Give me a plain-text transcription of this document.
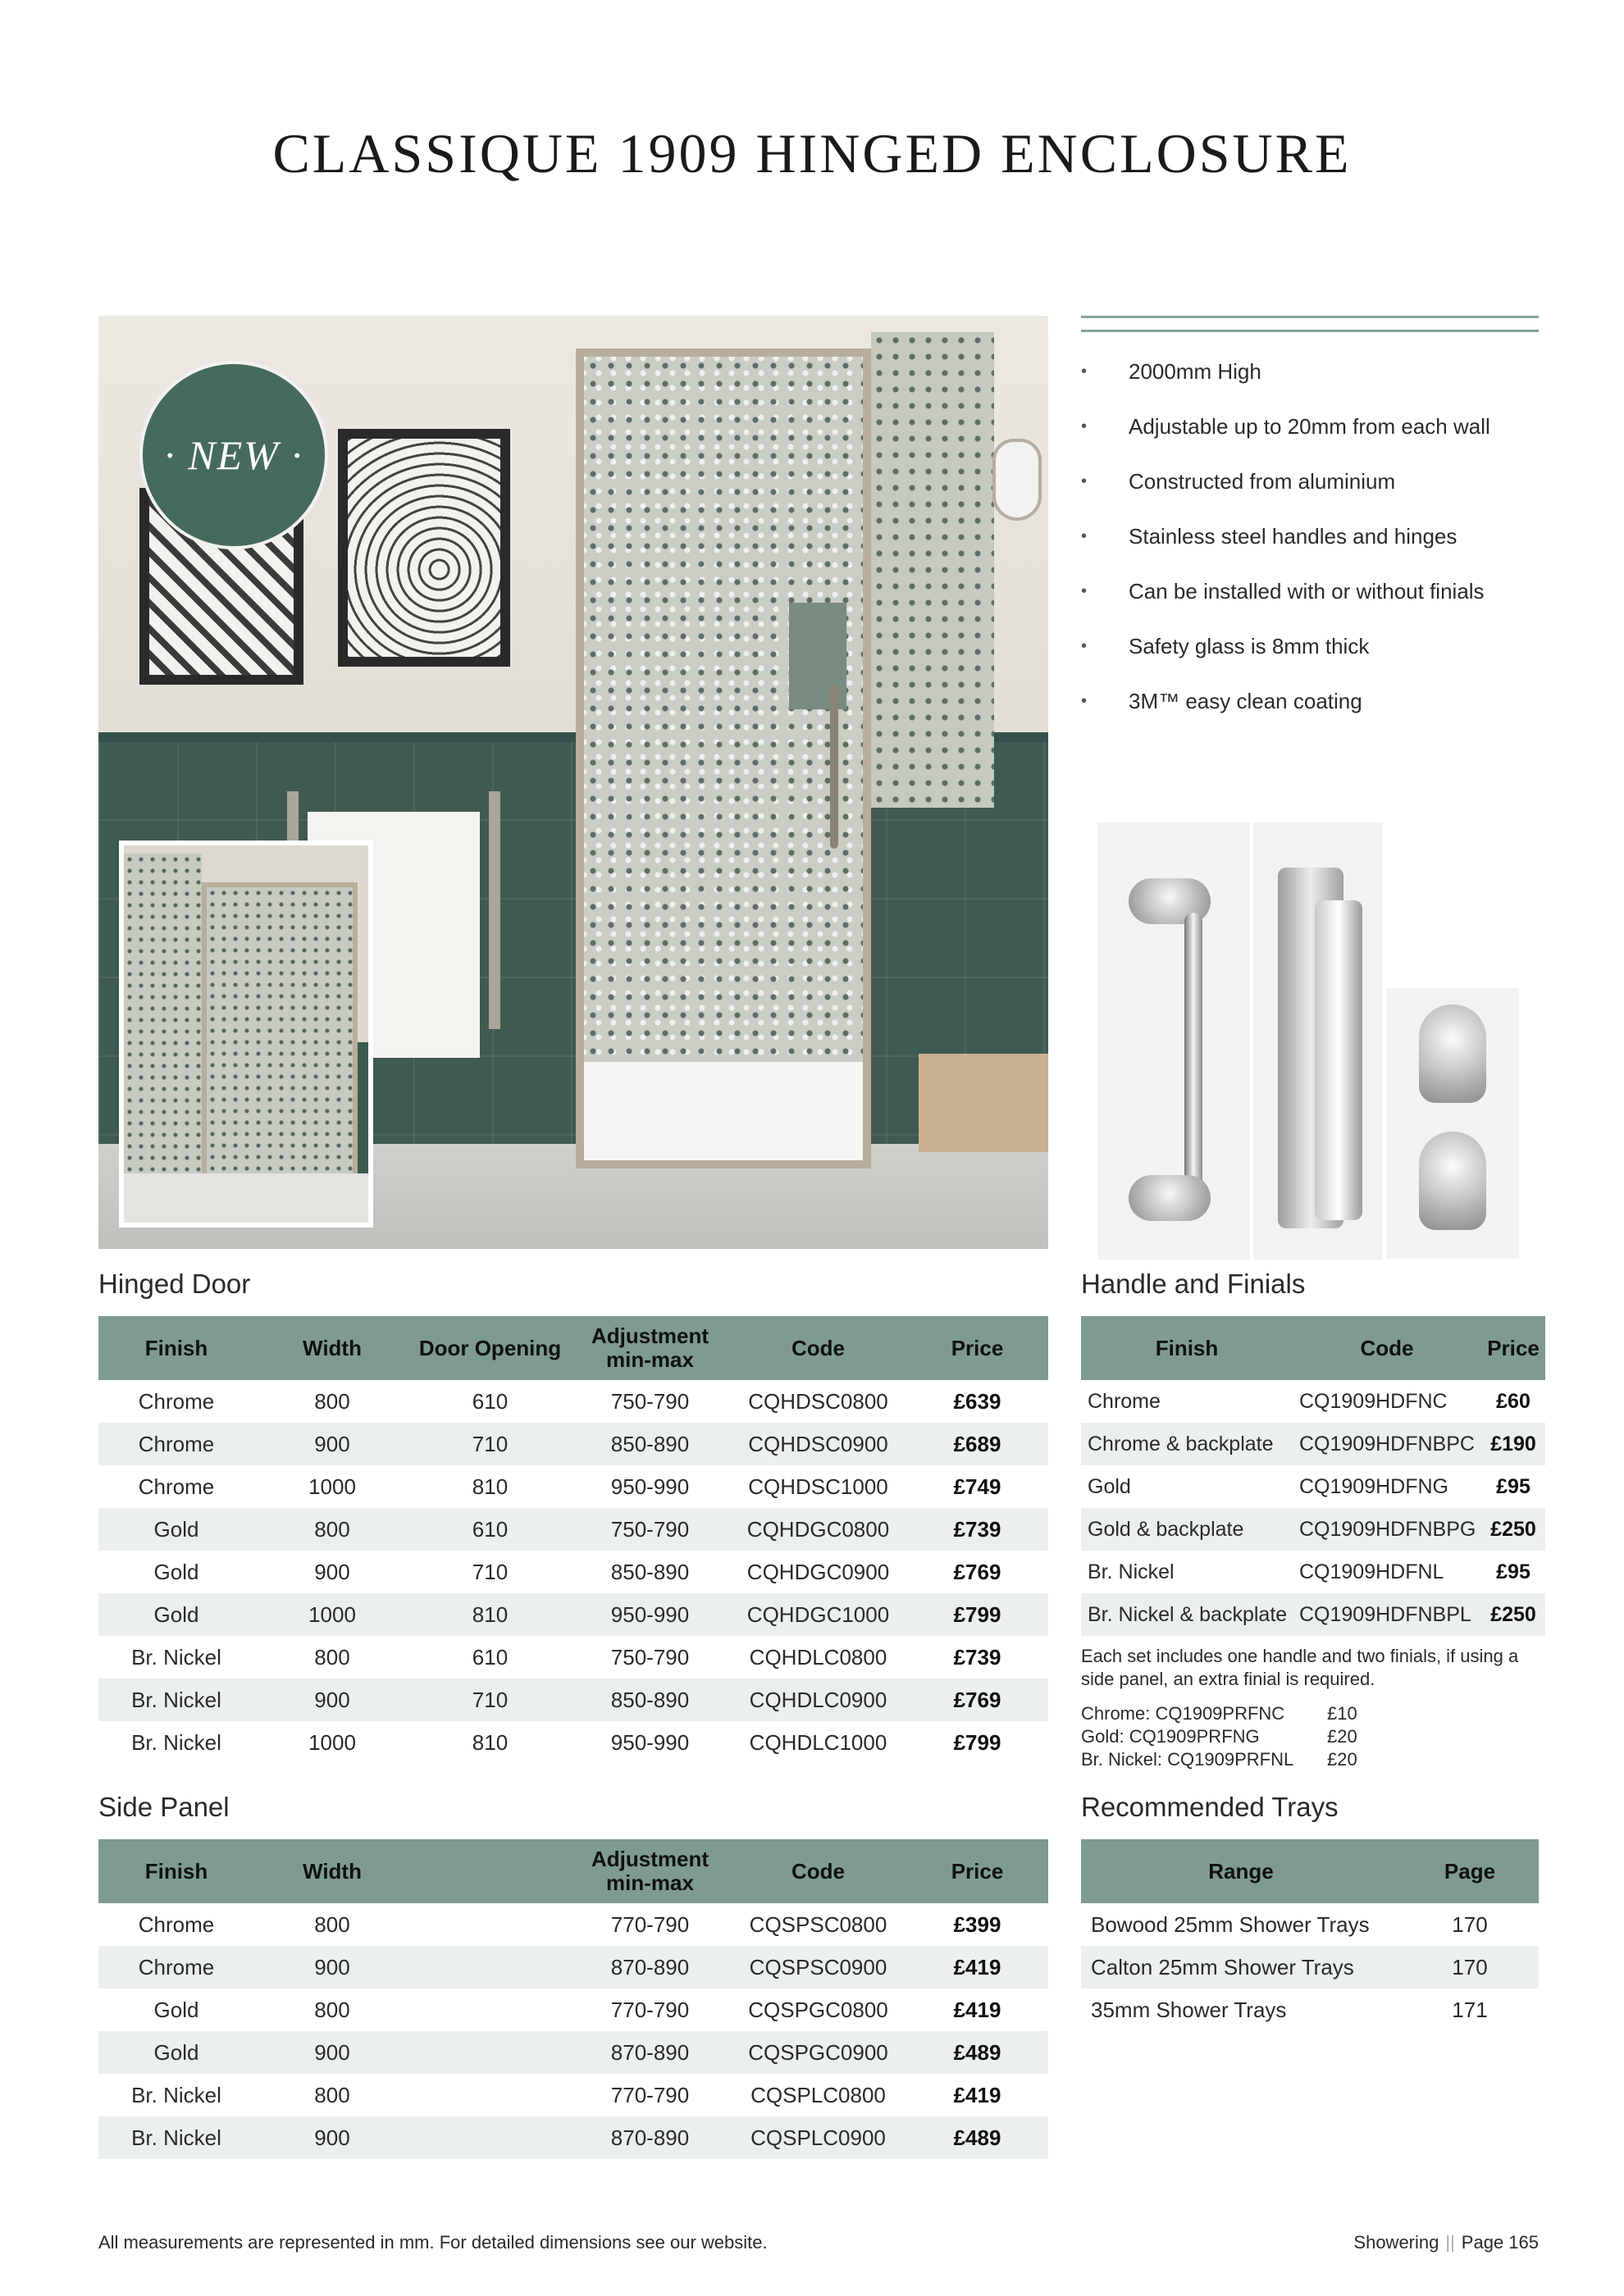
CLASSIQUE 1909 HINGED ENCLOSURE
· NEW ·
• 2000mm High
• Adjustable up to 20mm from each wall
• Constructed from aluminium
• Stainless steel handles and hinges
• Can be installed with or without finials
• Safety glass is 8mm thick
• 3M™ easy clean coating
Hinged Door
Side Panel
Handle and Finials
Recommended Trays
Finish	Width	Door Opening	Adjustment min-max	Code	Price
Chrome	800	610	750-790	CQHDSC0800	£639
Chrome	900	710	850-890	CQHDSC0900	£689
Chrome	1000	810	950-990	CQHDSC1000	£749
Gold	800	610	750-790	CQHDGC0800	£739
Gold	900	710	850-890	CQHDGC0900	£769
Gold	1000	810	950-990	CQHDGC1000	£799
Br. Nickel	800	610	750-790	CQHDLC0800	£739
Br. Nickel	900	710	850-890	CQHDLC0900	£769
Br. Nickel	1000	810	950-990	CQHDLC1000	£799
Finish	Width		Adjustment min-max	Code	Price
Chrome	800		770-790	CQSPSC0800	£399
Chrome	900		870-890	CQSPSC0900	£419
Gold	800		770-790	CQSPGC0800	£419
Gold	900		870-890	CQSPGC0900	£489
Br. Nickel	800		770-790	CQSPLC0800	£419
Br. Nickel	900		870-890	CQSPLC0900	£489
Finish	Code	Price
Chrome	CQ1909HDFNC	£60
Chrome & backplate	CQ1909HDFNBPC	£190
Gold	CQ1909HDFNG	£95
Gold & backplate	CQ1909HDFNBPG	£250
Br. Nickel	CQ1909HDFNL	£95
Br. Nickel & backplate	CQ1909HDFNBPL	£250
Each set includes one handle and two finials, if using a side panel, an extra finial is required.
Chrome: CQ1909PRFNC	£10
Gold: CQ1909PRFNG	£20
Br. Nickel: CQ1909PRFNL	£20
Range	Page
Bowood 25mm Shower Trays	170
Calton 25mm Shower Trays	170
35mm Shower Trays	171
All measurements are represented in mm. For detailed dimensions see our website.	Showering || Page 165
